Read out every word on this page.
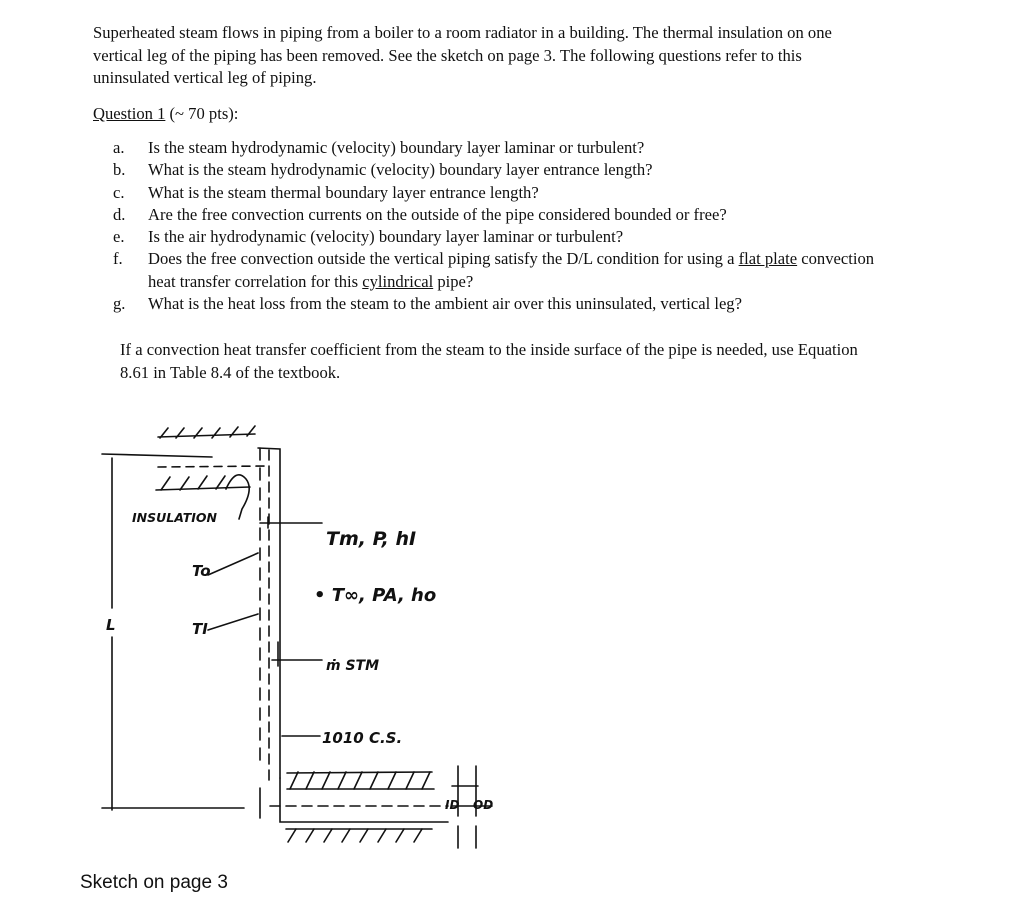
Superheated steam flows in piping from a boiler to a room radiator in a building. The thermal insulation on one vertical leg of the piping has been removed. See the sketch on page 3. The following questions refer to this uninsulated vertical leg of piping.

Question 1 (~ 70 pts):
a. Is the steam hydrodynamic (velocity) boundary layer laminar or turbulent?
b. What is the steam hydrodynamic (velocity) boundary layer entrance length?
c. What is the steam thermal boundary layer entrance length?
d. Are the free convection currents on the outside of the pipe considered bounded or free?
e. Is the air hydrodynamic (velocity) boundary layer laminar or turbulent?
f. Does the free convection outside the vertical piping satisfy the D/L condition for using a flat plate convection heat transfer correlation for this cylindrical pipe?
g. What is the heat loss from the steam to the ambient air over this uninsulated, vertical leg?

If a convection heat transfer coefficient from the steam to the inside surface of the pipe is needed, use Equation 8.61 in Table 8.4 of the textbook.

INSULATION
L
To
TI
Tm, P, hI
• T∞, PA, ho
ṁ STM
1010 C.S.
ID OD
Sketch on page 3
